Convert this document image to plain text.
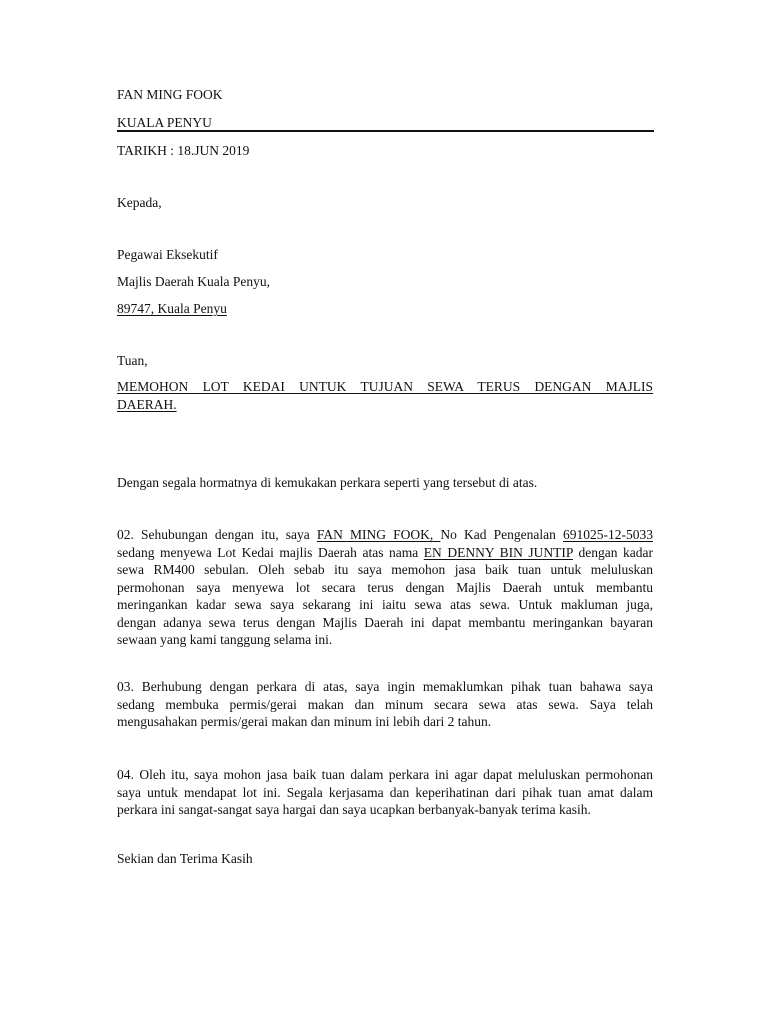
FAN MING FOOK
KUALA PENYU
TARIKH : 18.JUN 2019
Kepada,
Pegawai Eksekutif
Majlis Daerah Kuala Penyu,
89747, Kuala Penyu
Tuan,
MEMOHON LOT KEDAI UNTUK TUJUAN SEWA TERUS DENGAN MAJLIS
DAERAH.
Dengan segala hormatnya di kemukakan perkara seperti yang tersebut di atas.
02. Sehubungan dengan itu, saya FAN MING FOOK, No Kad Pengenalan 691025-12-5033
sedang menyewa Lot Kedai majlis Daerah atas nama EN DENNY BIN JUNTIP dengan kadar
sewa RM400 sebulan. Oleh sebab itu saya memohon jasa baik tuan untuk meluluskan
permohonan saya menyewa lot secara terus dengan Majlis Daerah untuk membantu
meringankan kadar sewa saya sekarang ini iaitu sewa atas sewa. Untuk makluman juga,
dengan adanya sewa terus dengan Majlis Daerah ini dapat membantu meringankan bayaran
sewaan yang kami tanggung selama ini.
03. Berhubung dengan perkara di atas, saya ingin memaklumkan pihak tuan bahawa saya
sedang membuka permis/gerai makan dan minum secara sewa atas sewa. Saya telah
mengusahakan permis/gerai makan dan minum ini lebih dari 2 tahun.
04. Oleh itu, saya mohon jasa baik tuan dalam perkara ini agar dapat meluluskan permohonan
saya untuk mendapat lot ini. Segala kerjasama dan keperihatinan dari pihak tuan amat dalam
perkara ini sangat-sangat saya hargai dan saya ucapkan berbanyak-banyak terima kasih.
Sekian dan Terima Kasih
